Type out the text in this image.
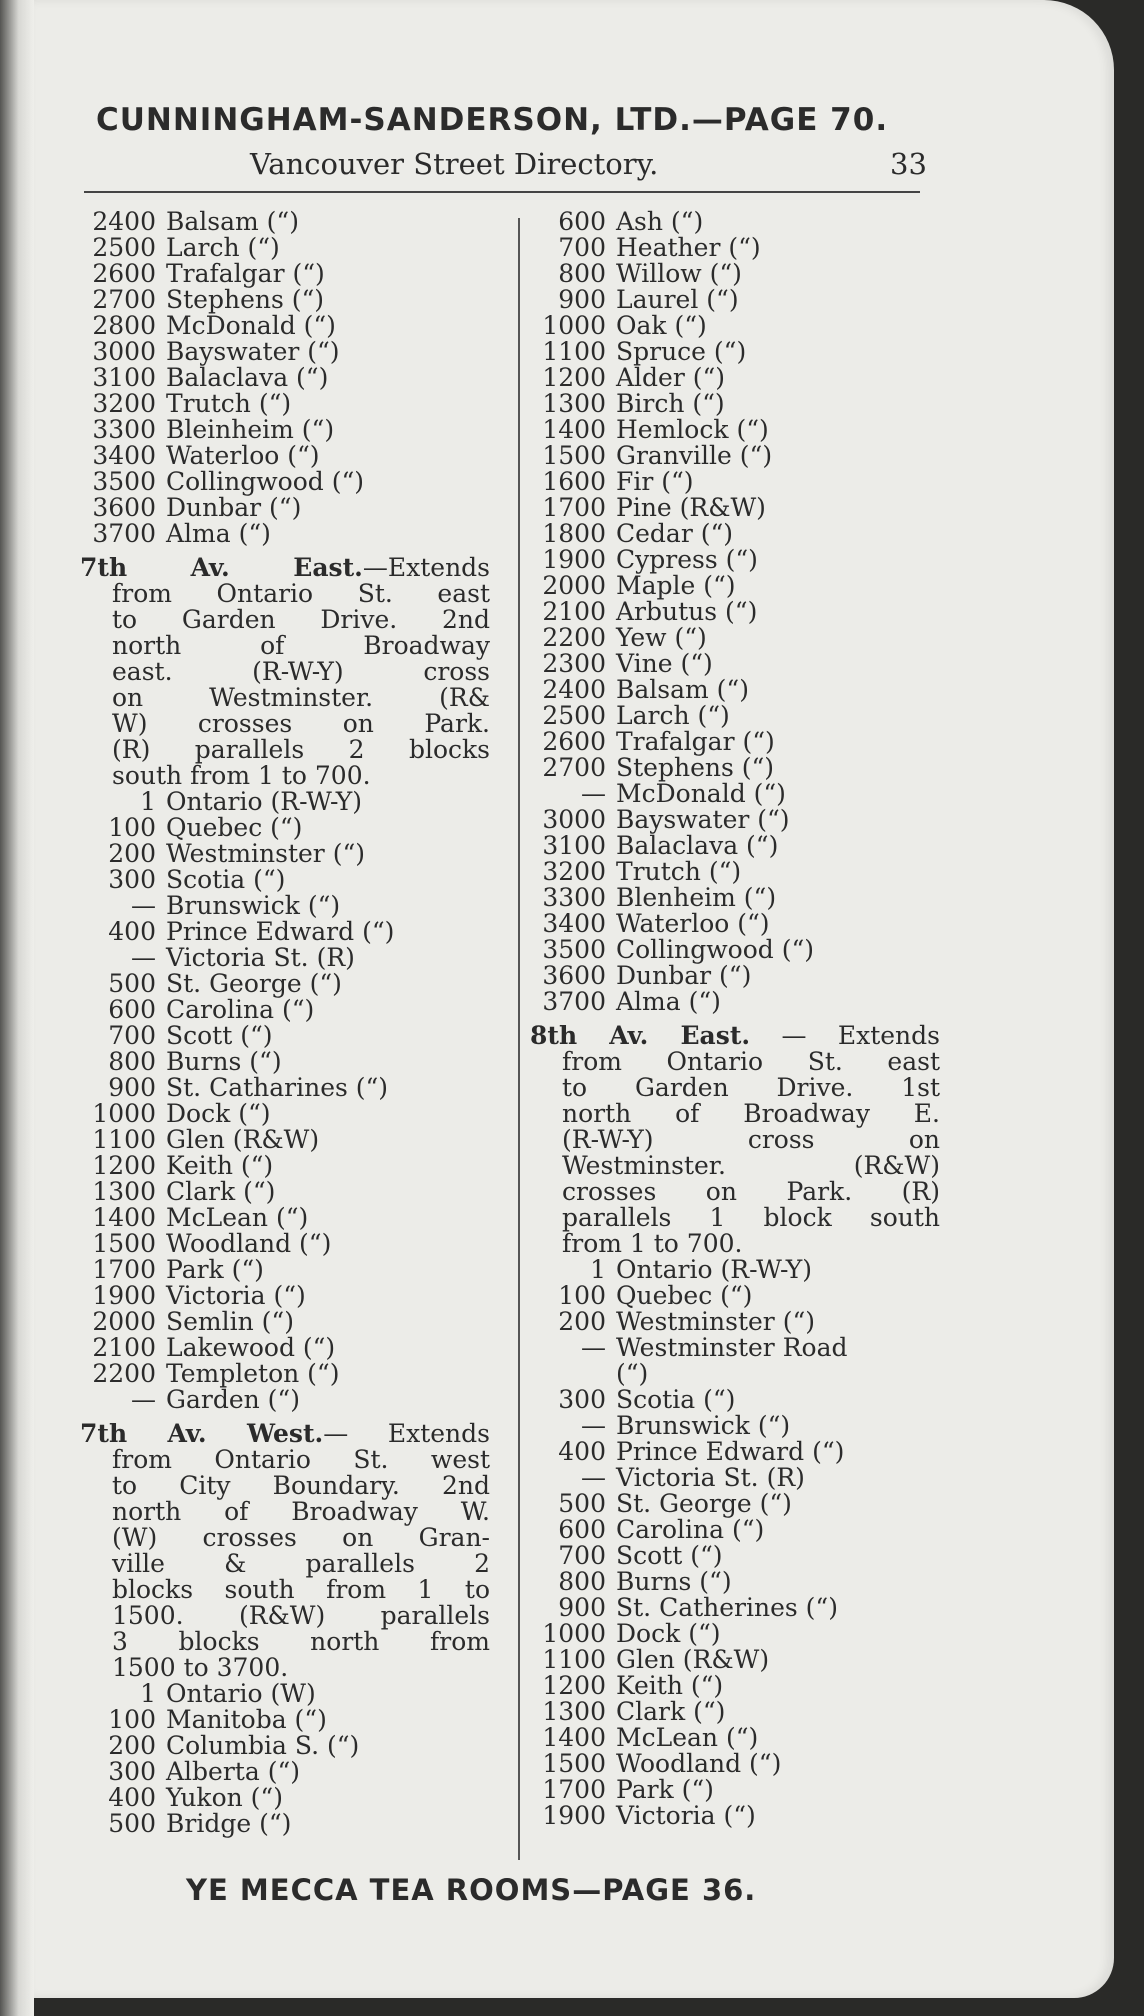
CUNNINGHAM-SANDERSON, LTD.—PAGE 70.
Vancouver Street Directory.	33
2400 Balsam (“)
2500 Larch (“)
2600 Trafalgar (“)
2700 Stephens (“)
2800 McDonald (“)
3000 Bayswater (“)
3100 Balaclava (“)
3200 Trutch (“)
3300 Bleinheim (“)
3400 Waterloo (“)
3500 Collingwood (“)
3600 Dunbar (“)
3700 Alma (“)
7th Av. East.—Extends
from Ontario St. east
to Garden Drive. 2nd
north of Broadway
east. (R-W-Y) cross
on Westminster. (R&
W) crosses on Park.
(R) parallels 2 blocks
south from 1 to 700.
1 Ontario (R-W-Y)
100 Quebec (“)
200 Westminster (“)
300 Scotia (“)
— Brunswick (“)
400 Prince Edward (“)
— Victoria St. (R)
500 St. George (“)
600 Carolina (“)
700 Scott (“)
800 Burns (“)
900 St. Catharines (“)
1000 Dock (“)
1100 Glen (R&W)
1200 Keith (“)
1300 Clark (“)
1400 McLean (“)
1500 Woodland (“)
1700 Park (“)
1900 Victoria (“)
2000 Semlin (“)
2100 Lakewood (“)
2200 Templeton (“)
— Garden (“)
7th Av. West.— Extends
from Ontario St. west
to City Boundary. 2nd
north of Broadway W.
(W) crosses on Gran-
ville & parallels 2
blocks south from 1 to
1500. (R&W) parallels
3 blocks north from
1500 to 3700.
1 Ontario (W)
100 Manitoba (“)
200 Columbia S. (“)
300 Alberta (“)
400 Yukon (“)
500 Bridge (“)
600 Ash (“)
700 Heather (“)
800 Willow (“)
900 Laurel (“)
1000 Oak (“)
1100 Spruce (“)
1200 Alder (“)
1300 Birch (“)
1400 Hemlock (“)
1500 Granville (“)
1600 Fir (“)
1700 Pine (R&W)
1800 Cedar (“)
1900 Cypress (“)
2000 Maple (“)
2100 Arbutus (“)
2200 Yew (“)
2300 Vine (“)
2400 Balsam (“)
2500 Larch (“)
2600 Trafalgar (“)
2700 Stephens (“)
— McDonald (“)
3000 Bayswater (“)
3100 Balaclava (“)
3200 Trutch (“)
3300 Blenheim (“)
3400 Waterloo (“)
3500 Collingwood (“)
3600 Dunbar (“)
3700 Alma (“)
8th Av. East. — Extends
from Ontario St. east
to Garden Drive. 1st
north of Broadway E.
(R-W-Y) cross on
Westminster. (R&W)
crosses on Park. (R)
parallels 1 block south
from 1 to 700.
1 Ontario (R-W-Y)
100 Quebec (“)
200 Westminster (“)
— Westminster Road
(“)
300 Scotia (“)
— Brunswick (“)
400 Prince Edward (“)
— Victoria St. (R)
500 St. George (“)
600 Carolina (“)
700 Scott (“)
800 Burns (“)
900 St. Catherines (“)
1000 Dock (“)
1100 Glen (R&W)
1200 Keith (“)
1300 Clark (“)
1400 McLean (“)
1500 Woodland (“)
1700 Park (“)
1900 Victoria (“)
YE MECCA TEA ROOMS—PAGE 36.
